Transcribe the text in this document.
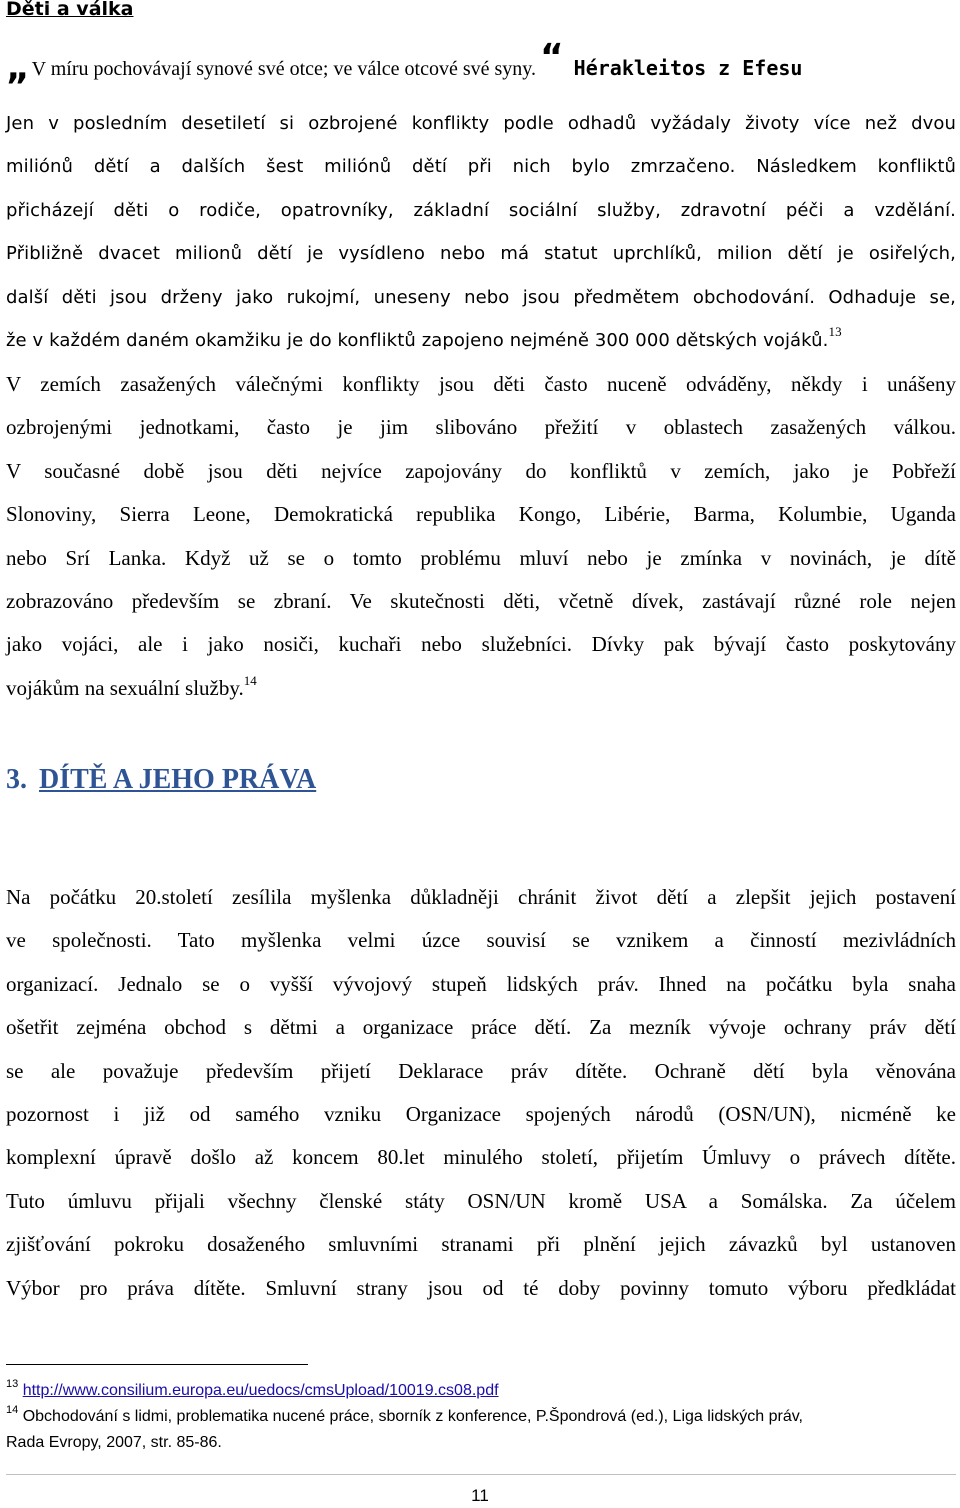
Děti a válka
„ V míru pochovávají synové své otce; ve válce otcové své syny. “ Hérakleitos z Efesu
Jen v posledním desetiletí si ozbrojené konflikty podle odhadů vyžádaly životy více než dvou
miliónů dětí a dalších šest miliónů dětí při nich bylo zmrzačeno. Následkem konfliktů
přicházejí děti o rodiče, opatrovníky, základní sociální služby, zdravotní péči a vzdělání.
Přibližně dvacet milionů dětí je vysídleno nebo má statut uprchlíků, milion dětí je osiřelých,
další děti jsou drženy jako rukojmí, uneseny nebo jsou předmětem obchodování. Odhaduje se,
že v každém daném okamžiku je do konfliktů zapojeno nejméně 300 000 dětských vojáků.$^{13}$
V zemích zasažených válečnými konflikty jsou děti často nuceně odváděny, někdy i unášeny
ozbrojenými jednotkami, často je jim slibováno přežití v oblastech zasažených válkou.
V současné době jsou děti nejvíce zapojovány do konfliktů v zemích, jako je Pobřeží
Slonoviny, Sierra Leone, Demokratická republika Kongo, Libérie, Barma, Kolumbie, Uganda
nebo Srí Lanka. Když už se o tomto problému mluví nebo je zmínka v novinách, je dítě
zobrazováno především se zbraní. Ve skutečnosti děti, včetně dívek, zastávají různé role nejen
jako vojáci, ale i jako nosiči, kuchaři nebo služebníci. Dívky pak bývají často poskytovány
vojákům na sexuální služby.$^{14}$
3. DÍTĚ A JEHO PRÁVA
Na počátku 20.století zesílila myšlenka důkladněji chránit život dětí a zlepšit jejich postavení
ve společnosti. Tato myšlenka velmi úzce souvisí se vznikem a činností mezivládních
organizací. Jednalo se o vyšší vývojový stupeň lidských práv. Ihned na počátku byla snaha
ošetřit zejména obchod s dětmi a organizace práce dětí. Za mezník vývoje ochrany práv dětí
se ale považuje především přijetí Deklarace práv dítěte. Ochraně dětí byla věnována
pozornost i již od samého vzniku Organizace spojených národů (OSN/UN), nicméně ke
komplexní úpravě došlo až koncem 80.let minulého století, přijetím Úmluvy o právech dítěte.
Tuto úmluvu přijali všechny členské státy OSN/UN kromě USA a Somálska. Za účelem
zjišťování pokroku dosaženého smluvními stranami při plnění jejich závazků byl ustanoven
Výbor pro práva dítěte. Smluvní strany jsou od té doby povinny tomuto výboru předkládat
$^{13}$ http://www.consilium.europa.eu/uedocs/cmsUpload/10019.cs08.pdf
$^{14}$ Obchodování s lidmi, problematika nucené práce, sborník z konference, P.Špondrová (ed.), Liga lidských práv,
Rada Evropy, 2007, str. 85-86.
11
